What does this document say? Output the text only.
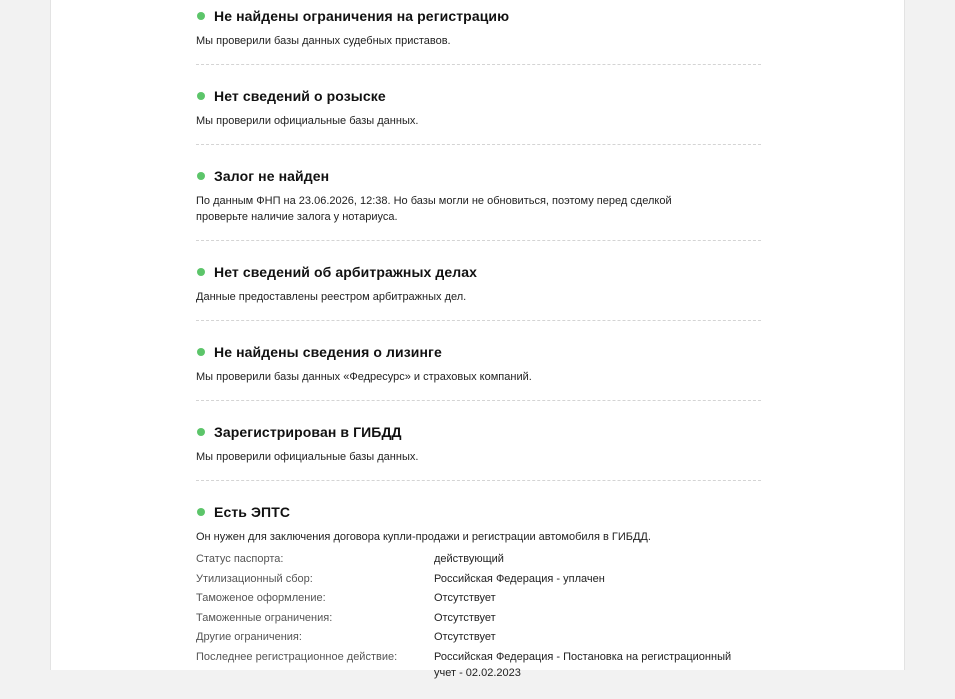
Не найдены ограничения на регистрацию
Мы проверили базы данных судебных приставов.
Нет сведений о розыске
Мы проверили официальные базы данных.
Залог не найден
По данным ФНП на 23.06.2026, 12:38. Но базы могли не обновиться, поэтому перед сделкой
проверьте наличие залога у нотариуса.
Нет сведений об арбитражных делах
Данные предоставлены реестром арбитражных дел.
Не найдены сведения о лизинге
Мы проверили базы данных «Федресурс» и страховых компаний.
Зарегистрирован в ГИБДД
Мы проверили официальные базы данных.
Есть ЭПТС
Он нужен для заключения договора купли-продажи и регистрации автомобиля в ГИБДД.
Статус паспорта:	действующий
Утилизационный сбор:	Российская Федерация - уплачен
Таможеное оформление:	Отсутствует
Таможенные ограничения:	Отсутствует
Другие ограничения:	Отсутствует
Последнее регистрационное действие:	Российская Федерация - Постановка на регистрационный
учет - 02.02.2023
